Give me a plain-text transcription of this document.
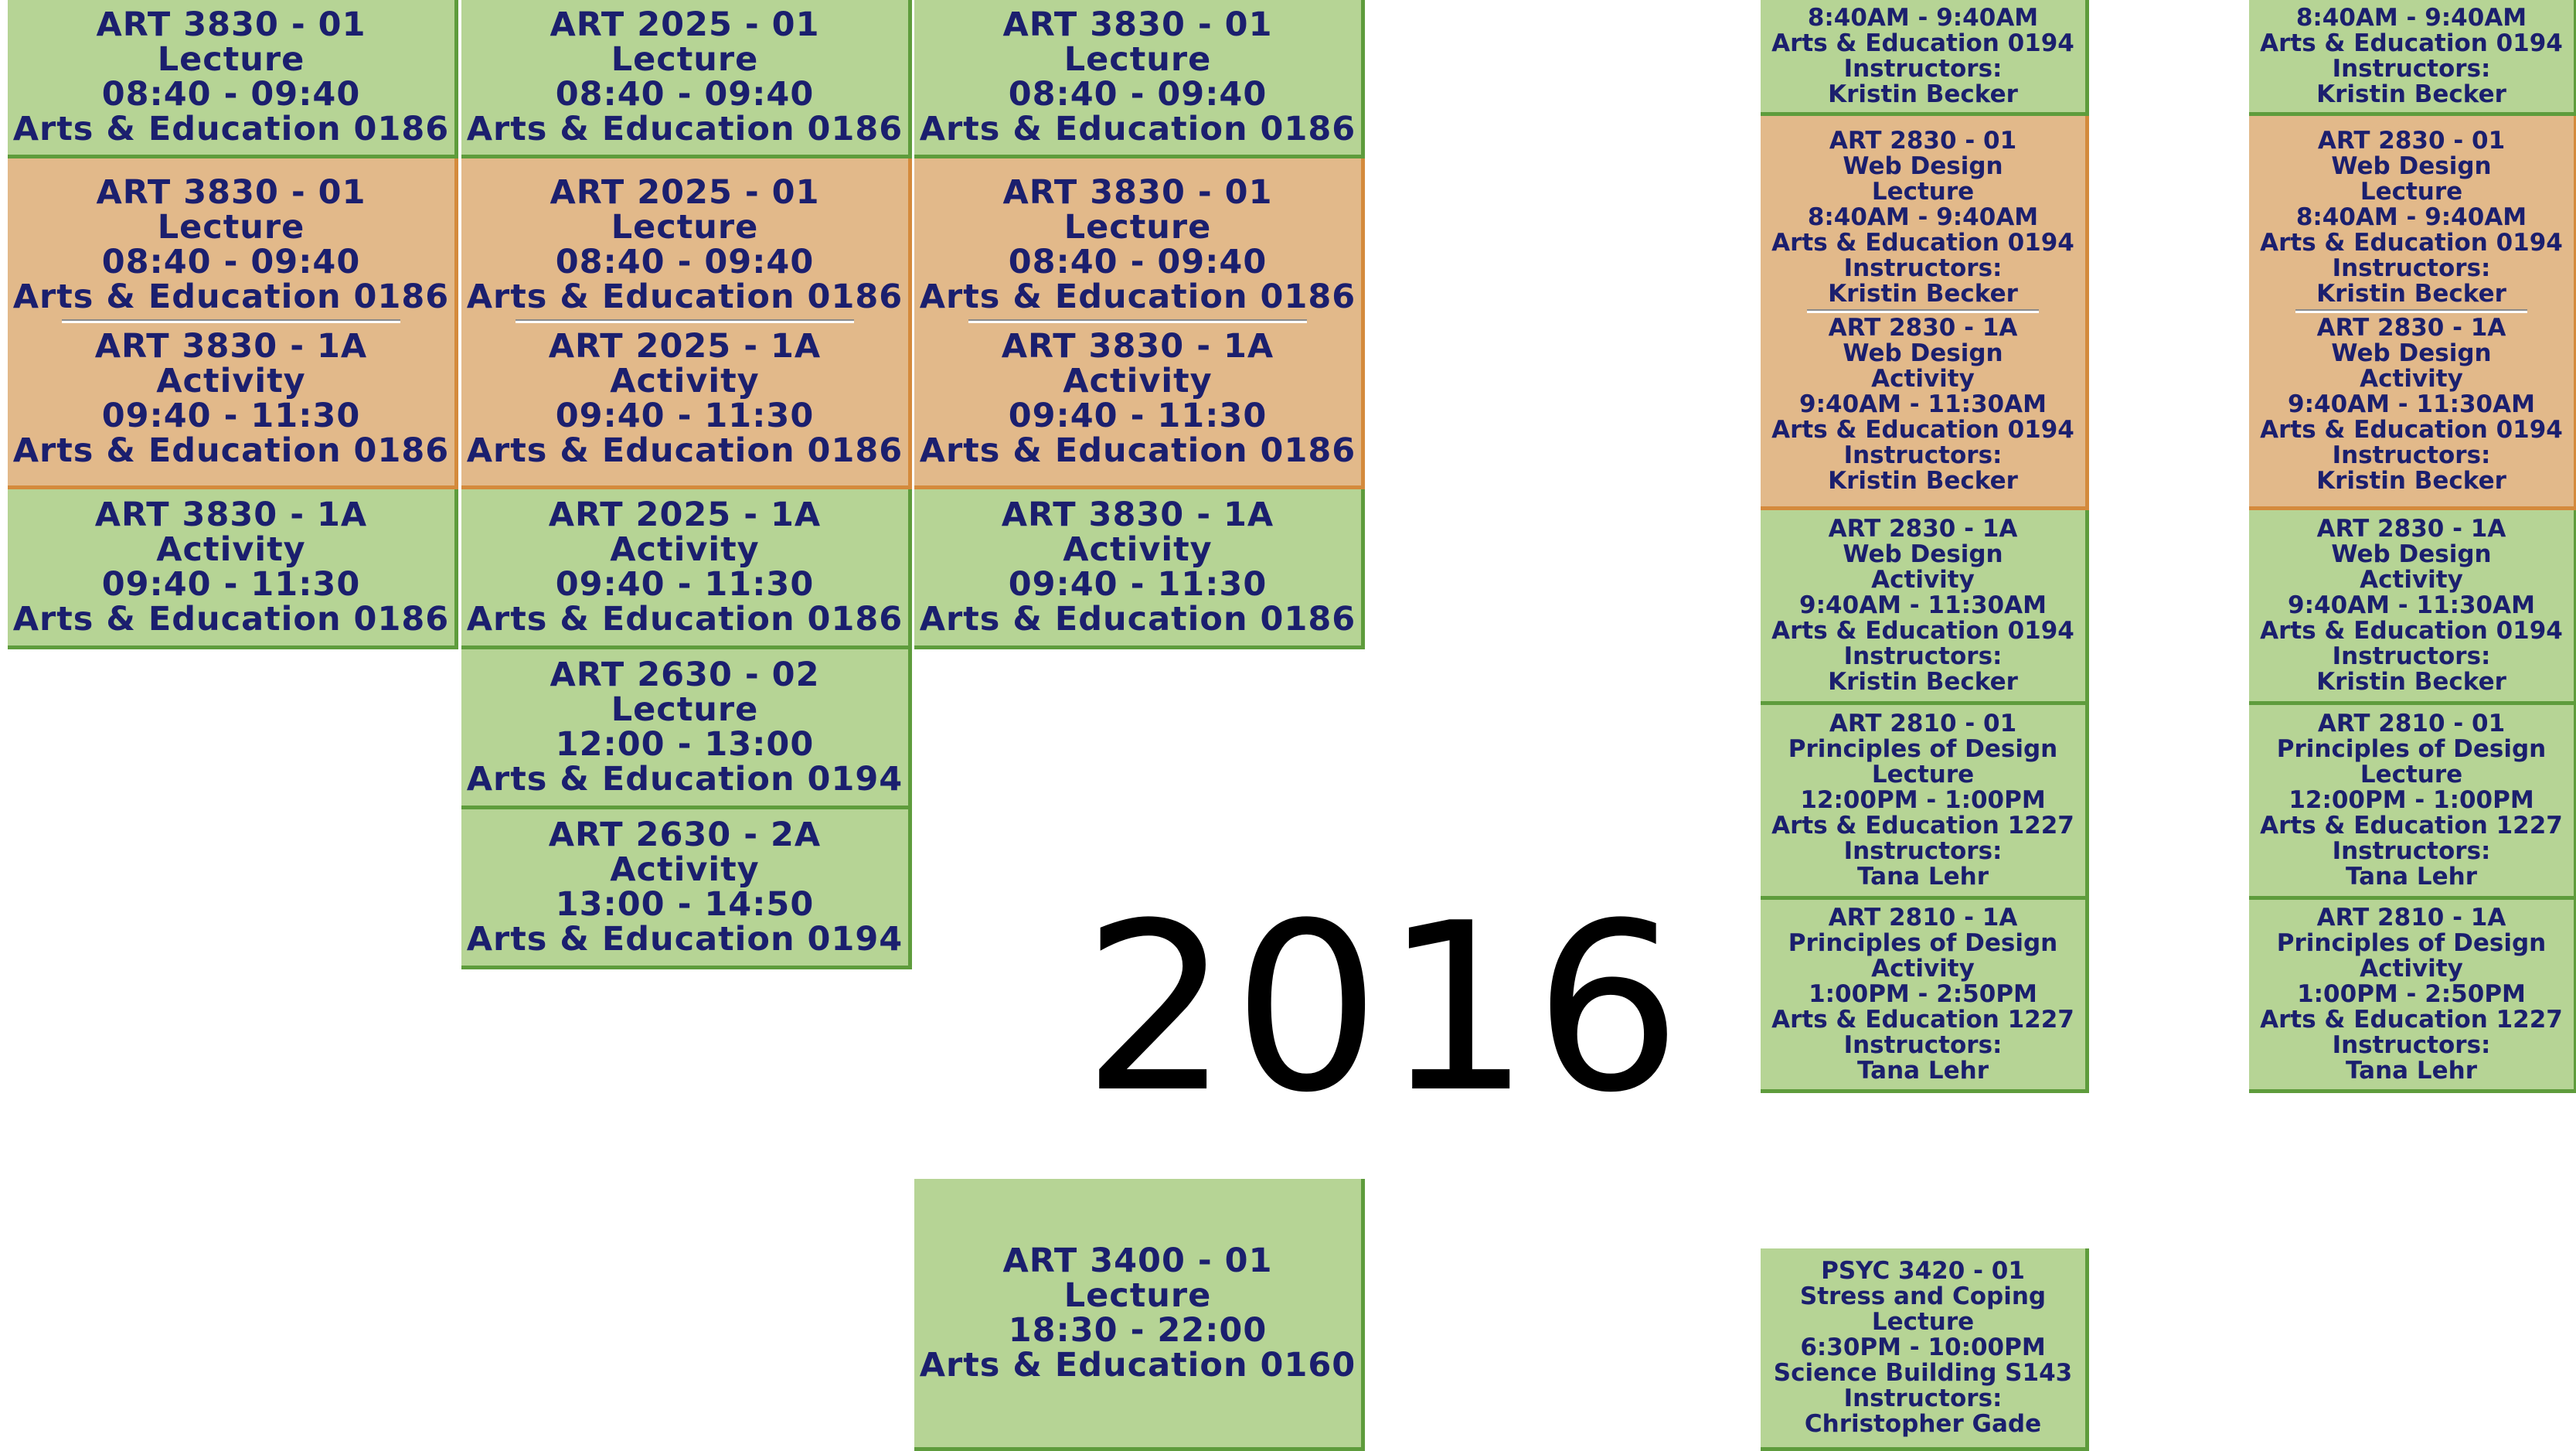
2016
ART 3830 - 01
Lecture
08:40 - 09:40
Arts & Education 0186
ART 2025 - 01
Lecture
08:40 - 09:40
Arts & Education 0186
ART 3830 - 01
Lecture
08:40 - 09:40
Arts & Education 0186
ART 3830 - 01
Lecture
08:40 - 09:40
Arts & Education 0186
ART 3830 - 1A
Activity
09:40 - 11:30
Arts & Education 0186
ART 2025 - 01
Lecture
08:40 - 09:40
Arts & Education 0186
ART 2025 - 1A
Activity
09:40 - 11:30
Arts & Education 0186
ART 3830 - 01
Lecture
08:40 - 09:40
Arts & Education 0186
ART 3830 - 1A
Activity
09:40 - 11:30
Arts & Education 0186
ART 3830 - 1A
Activity
09:40 - 11:30
Arts & Education 0186
ART 2025 - 1A
Activity
09:40 - 11:30
Arts & Education 0186
ART 3830 - 1A
Activity
09:40 - 11:30
Arts & Education 0186
ART 2630 - 02
Lecture
12:00 - 13:00
Arts & Education 0194
ART 2630 - 2A
Activity
13:00 - 14:50
Arts & Education 0194
ART 3400 - 01
Lecture
18:30 - 22:00
Arts & Education 0160
8:40AM - 9:40AM
Arts & Education 0194
Instructors:
Kristin Becker
8:40AM - 9:40AM
Arts & Education 0194
Instructors:
Kristin Becker
ART 2830 - 01
Web Design
Lecture
8:40AM - 9:40AM
Arts & Education 0194
Instructors:
Kristin Becker
ART 2830 - 1A
Web Design
Activity
9:40AM - 11:30AM
Arts & Education 0194
Instructors:
Kristin Becker
ART 2830 - 01
Web Design
Lecture
8:40AM - 9:40AM
Arts & Education 0194
Instructors:
Kristin Becker
ART 2830 - 1A
Web Design
Activity
9:40AM - 11:30AM
Arts & Education 0194
Instructors:
Kristin Becker
ART 2830 - 1A
Web Design
Activity
9:40AM - 11:30AM
Arts & Education 0194
Instructors:
Kristin Becker
ART 2830 - 1A
Web Design
Activity
9:40AM - 11:30AM
Arts & Education 0194
Instructors:
Kristin Becker
ART 2810 - 01
Principles of Design
Lecture
12:00PM - 1:00PM
Arts & Education 1227
Instructors:
Tana Lehr
ART 2810 - 01
Principles of Design
Lecture
12:00PM - 1:00PM
Arts & Education 1227
Instructors:
Tana Lehr
ART 2810 - 1A
Principles of Design
Activity
1:00PM - 2:50PM
Arts & Education 1227
Instructors:
Tana Lehr
ART 2810 - 1A
Principles of Design
Activity
1:00PM - 2:50PM
Arts & Education 1227
Instructors:
Tana Lehr
PSYC 3420 - 01
Stress and Coping
Lecture
6:30PM - 10:00PM
Science Building S143
Instructors:
Christopher Gade
